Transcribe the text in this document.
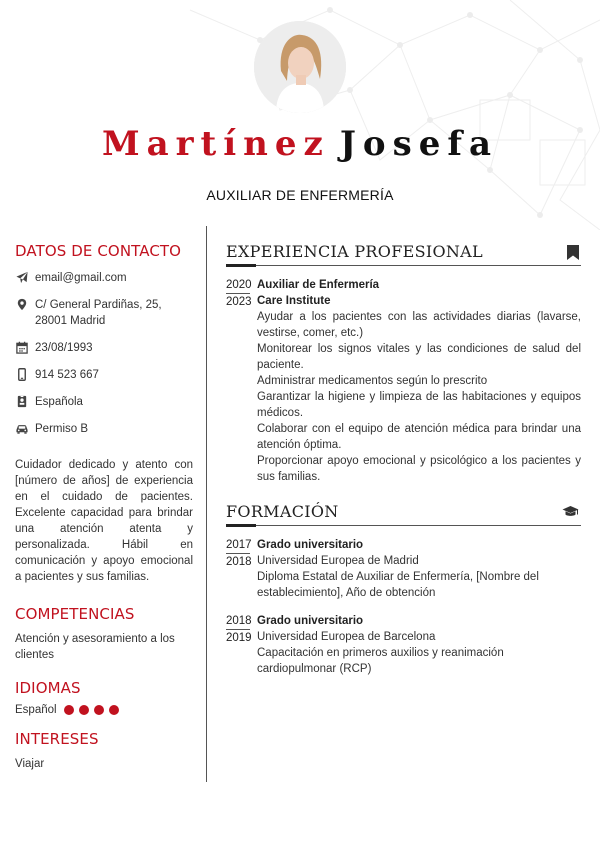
Martínez Josefa
AUXILIAR DE ENFERMERÍA
DATOS DE CONTACTO
email@gmail.com
C/ General Pardiñas, 25, 28001 Madrid
23/08/1993
914 523 667
Española
Permiso B
Cuidador dedicado y atento con [número de años] de experiencia en el cuidado de pacientes. Excelente capacidad para brindar una atención atenta y personalizada. Hábil en comunicación y apoyo emocional a pacientes y sus familias.
COMPETENCIAS

Atención y asesoramiento a los clientes

IDIOMAS
Español
INTERESES

Viajar

EXPERIENCIA PROFESIONAL
2020
2023
Auxiliar de Enfermería
Care Institute
Ayudar a los pacientes con las actividades diarias (lavarse, vestirse, comer, etc.)
Monitorear los signos vitales y las condiciones de salud del paciente.
Administrar medicamentos según lo prescrito
Garantizar la higiene y limpieza de las habitaciones y equipos médicos.
Colaborar con el equipo de atención médica para brindar una atención óptima.
Proporcionar apoyo emocional y psicológico a los pacientes y sus familias.
FORMACIÓN
2017
2018
Grado universitario
Universidad Europea de Madrid
Diploma Estatal de Auxiliar de Enfermería, [Nombre del establecimiento], Año de obtención
2018
2019
Grado universitario
Universidad Europea de Barcelona
Capacitación en primeros auxilios y reanimación cardiopulmonar (RCP)
